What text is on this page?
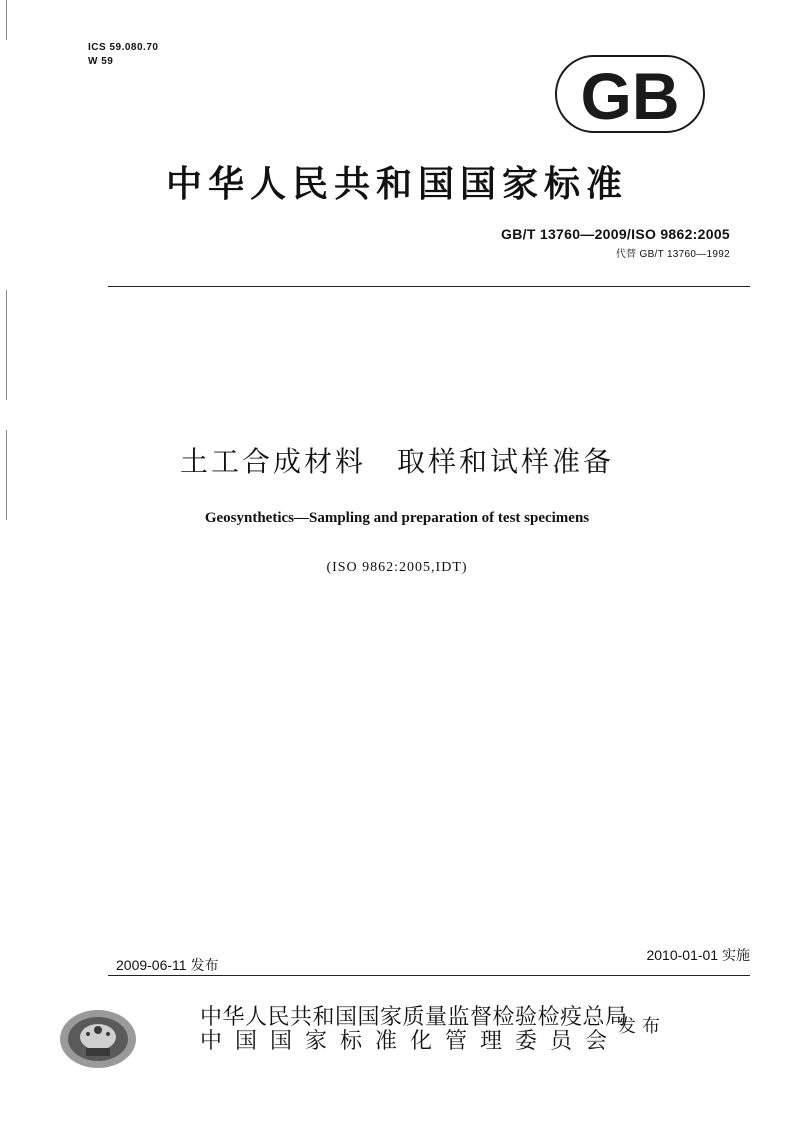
ICS 59.080.70
W 59	GB
中华人民共和国国家标准
GB/T 13760—2009/ISO 9862:2005
代替 GB/T 13760—1992
土工合成材料　取样和试样准备
Geosynthetics—Sampling and preparation of test specimens
(ISO 9862:2005,IDT)
2009-06-11 发布
2010-01-01 实施
中华人民共和国国家质量监督检验检疫总局
中国国家标准化管理委员会
发布
